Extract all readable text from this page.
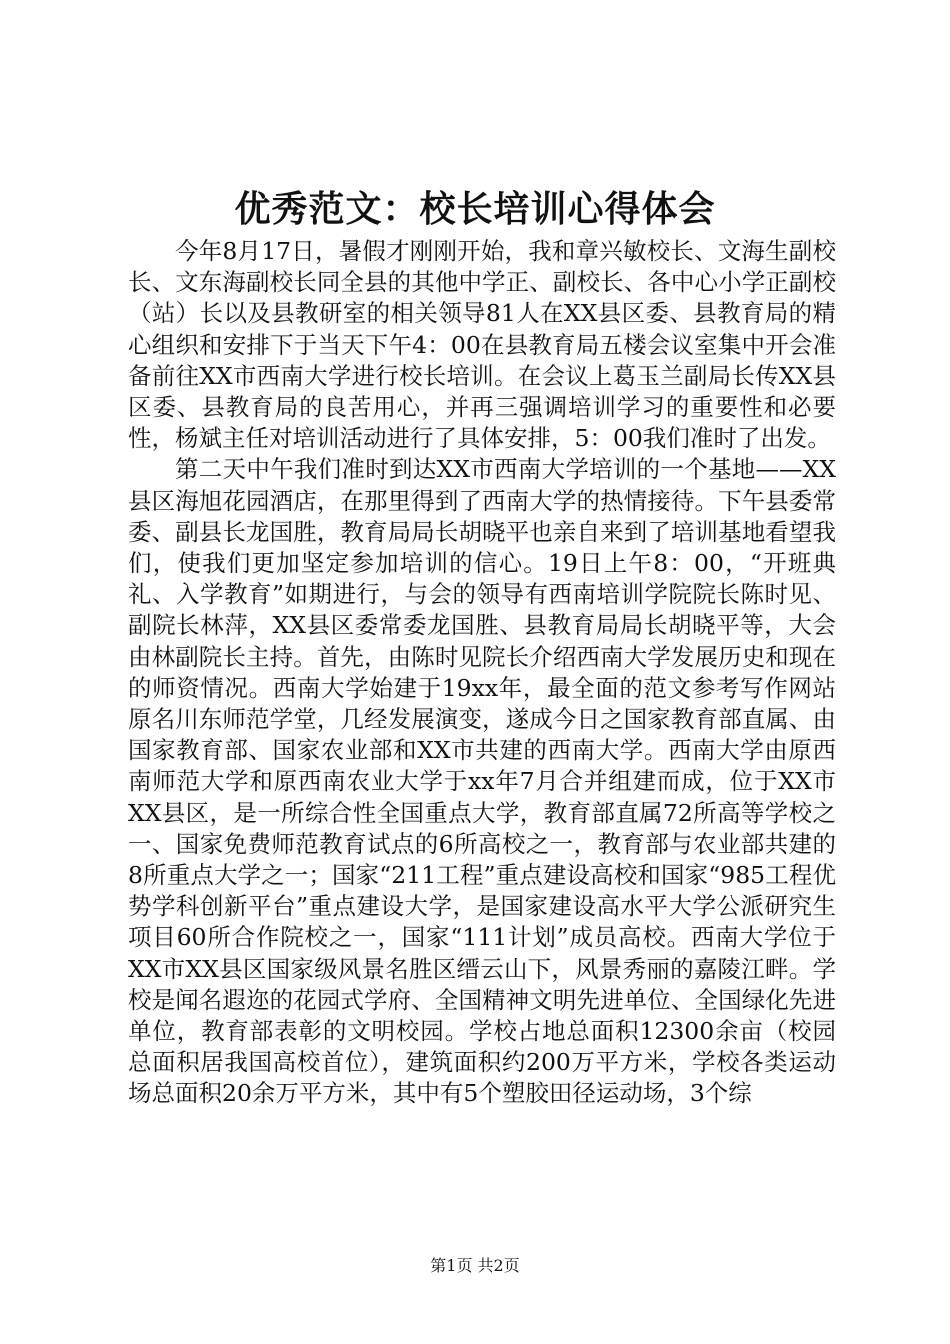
优秀范文：校长培训心得体会

今年8月17日，暑假才刚刚开始，我和章兴敏校长、文海生副校长、文东海副校长同全县的其他中学正、副校长、各中心小学正副校（站）长以及县教研室的相关领导81人在XX县区委、县教育局的精心组织和安排下于当天下午4：00在县教育局五楼会议室集中开会准备前往XX市西南大学进行校长培训。在会议上葛玉兰副局长传XX县区委、县教育局的良苦用心，并再三强调培训学习的重要性和必要性，杨斌主任对培训活动进行了具体安排，5：00我们准时了出发。

第二天中午我们准时到达XX市西南大学培训的一个基地——XX县区海旭花园酒店，在那里得到了西南大学的热情接待。下午县委常委、副县长龙国胜，教育局局长胡晓平也亲自来到了培训基地看望我们，使我们更加坚定参加培训的信心。19日上午8：00，“开班典礼、入学教育”如期进行，与会的领导有西南培训学院院长陈时见、副院长林萍，XX县区委常委龙国胜、县教育局局长胡晓平等，大会由林副院长主持。首先，由陈时见院长介绍西南大学发展历史和现在的师资情况。西南大学始建于19xx年，最全面的范文参考写作网站原名川东师范学堂，几经发展演变，遂成今日之国家教育部直属、由国家教育部、国家农业部和XX市共建的西南大学。西南大学由原西南师范大学和原西南农业大学于xx年7月合并组建而成，位于XX市XX县区，是一所综合性全国重点大学，教育部直属72所高等学校之一、国家免费师范教育试点的6所高校之一，教育部与农业部共建的8所重点大学之一；国家“211工程”重点建设高校和国家“985工程优势学科创新平台”重点建设大学，是国家建设高水平大学公派研究生项目60所合作院校之一，国家“111计划”成员高校。西南大学位于XX市XX县区国家级风景名胜区缙云山下，风景秀丽的嘉陵江畔。学校是闻名遐迩的花园式学府、全国精神文明先进单位、全国绿化先进单位，教育部表彰的文明校园。学校占地总面积12300余亩（校园总面积居我国高校首位），建筑面积约200万平方米，学校各类运动场总面积20余万平方米，其中有5个塑胶田径运动场，3个综

第1页 共2页
